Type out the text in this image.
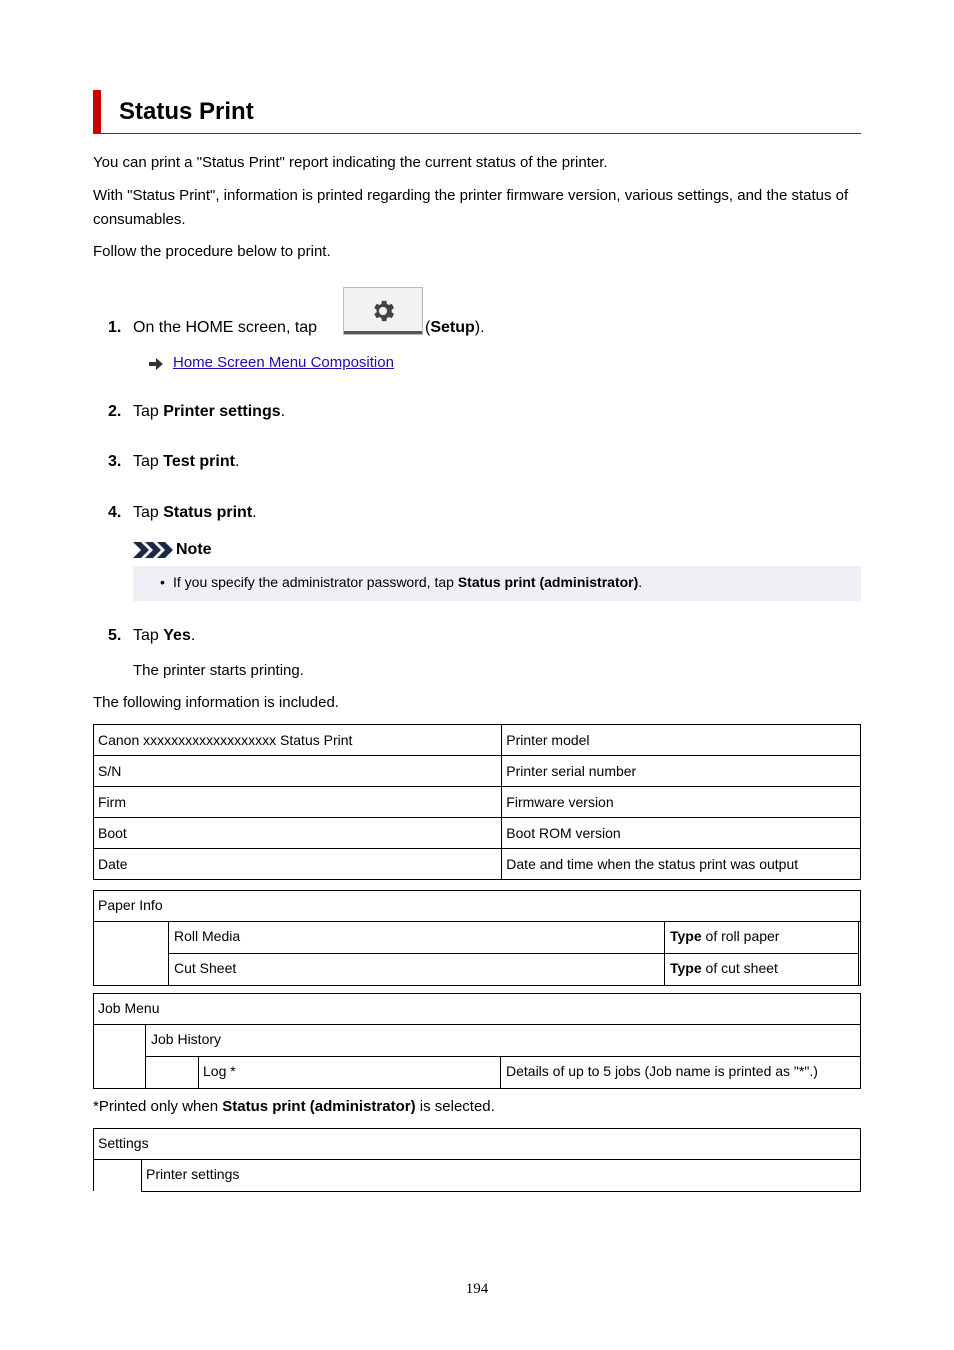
Status Print
You can print a "Status Print" report indicating the current status of the printer.
With "Status Print", information is printed regarding the printer firmware version, various settings, and the status of consumables.
Follow the procedure below to print.
1. On the HOME screen, tap	(Setup).
Home Screen Menu Composition
2. Tap Printer settings.
3. Tap Test print.
4. Tap Status print.
Note
• If you specify the administrator password, tap Status print (administrator).
5. Tap Yes.
The printer starts printing.
The following information is included.
Canon xxxxxxxxxxxxxxxxxxx Status Print	Printer model
S/N	Printer serial number
Firm	Firmware version
Boot	Boot ROM version
Date	Date and time when the status print was output
Paper Info
Roll Media	Type of roll paper
Cut Sheet	Type of cut sheet
Job Menu
Job History
Log *	Details of up to 5 jobs (Job name is printed as "*".)
*Printed only when Status print (administrator) is selected.
Settings
Printer settings
194
